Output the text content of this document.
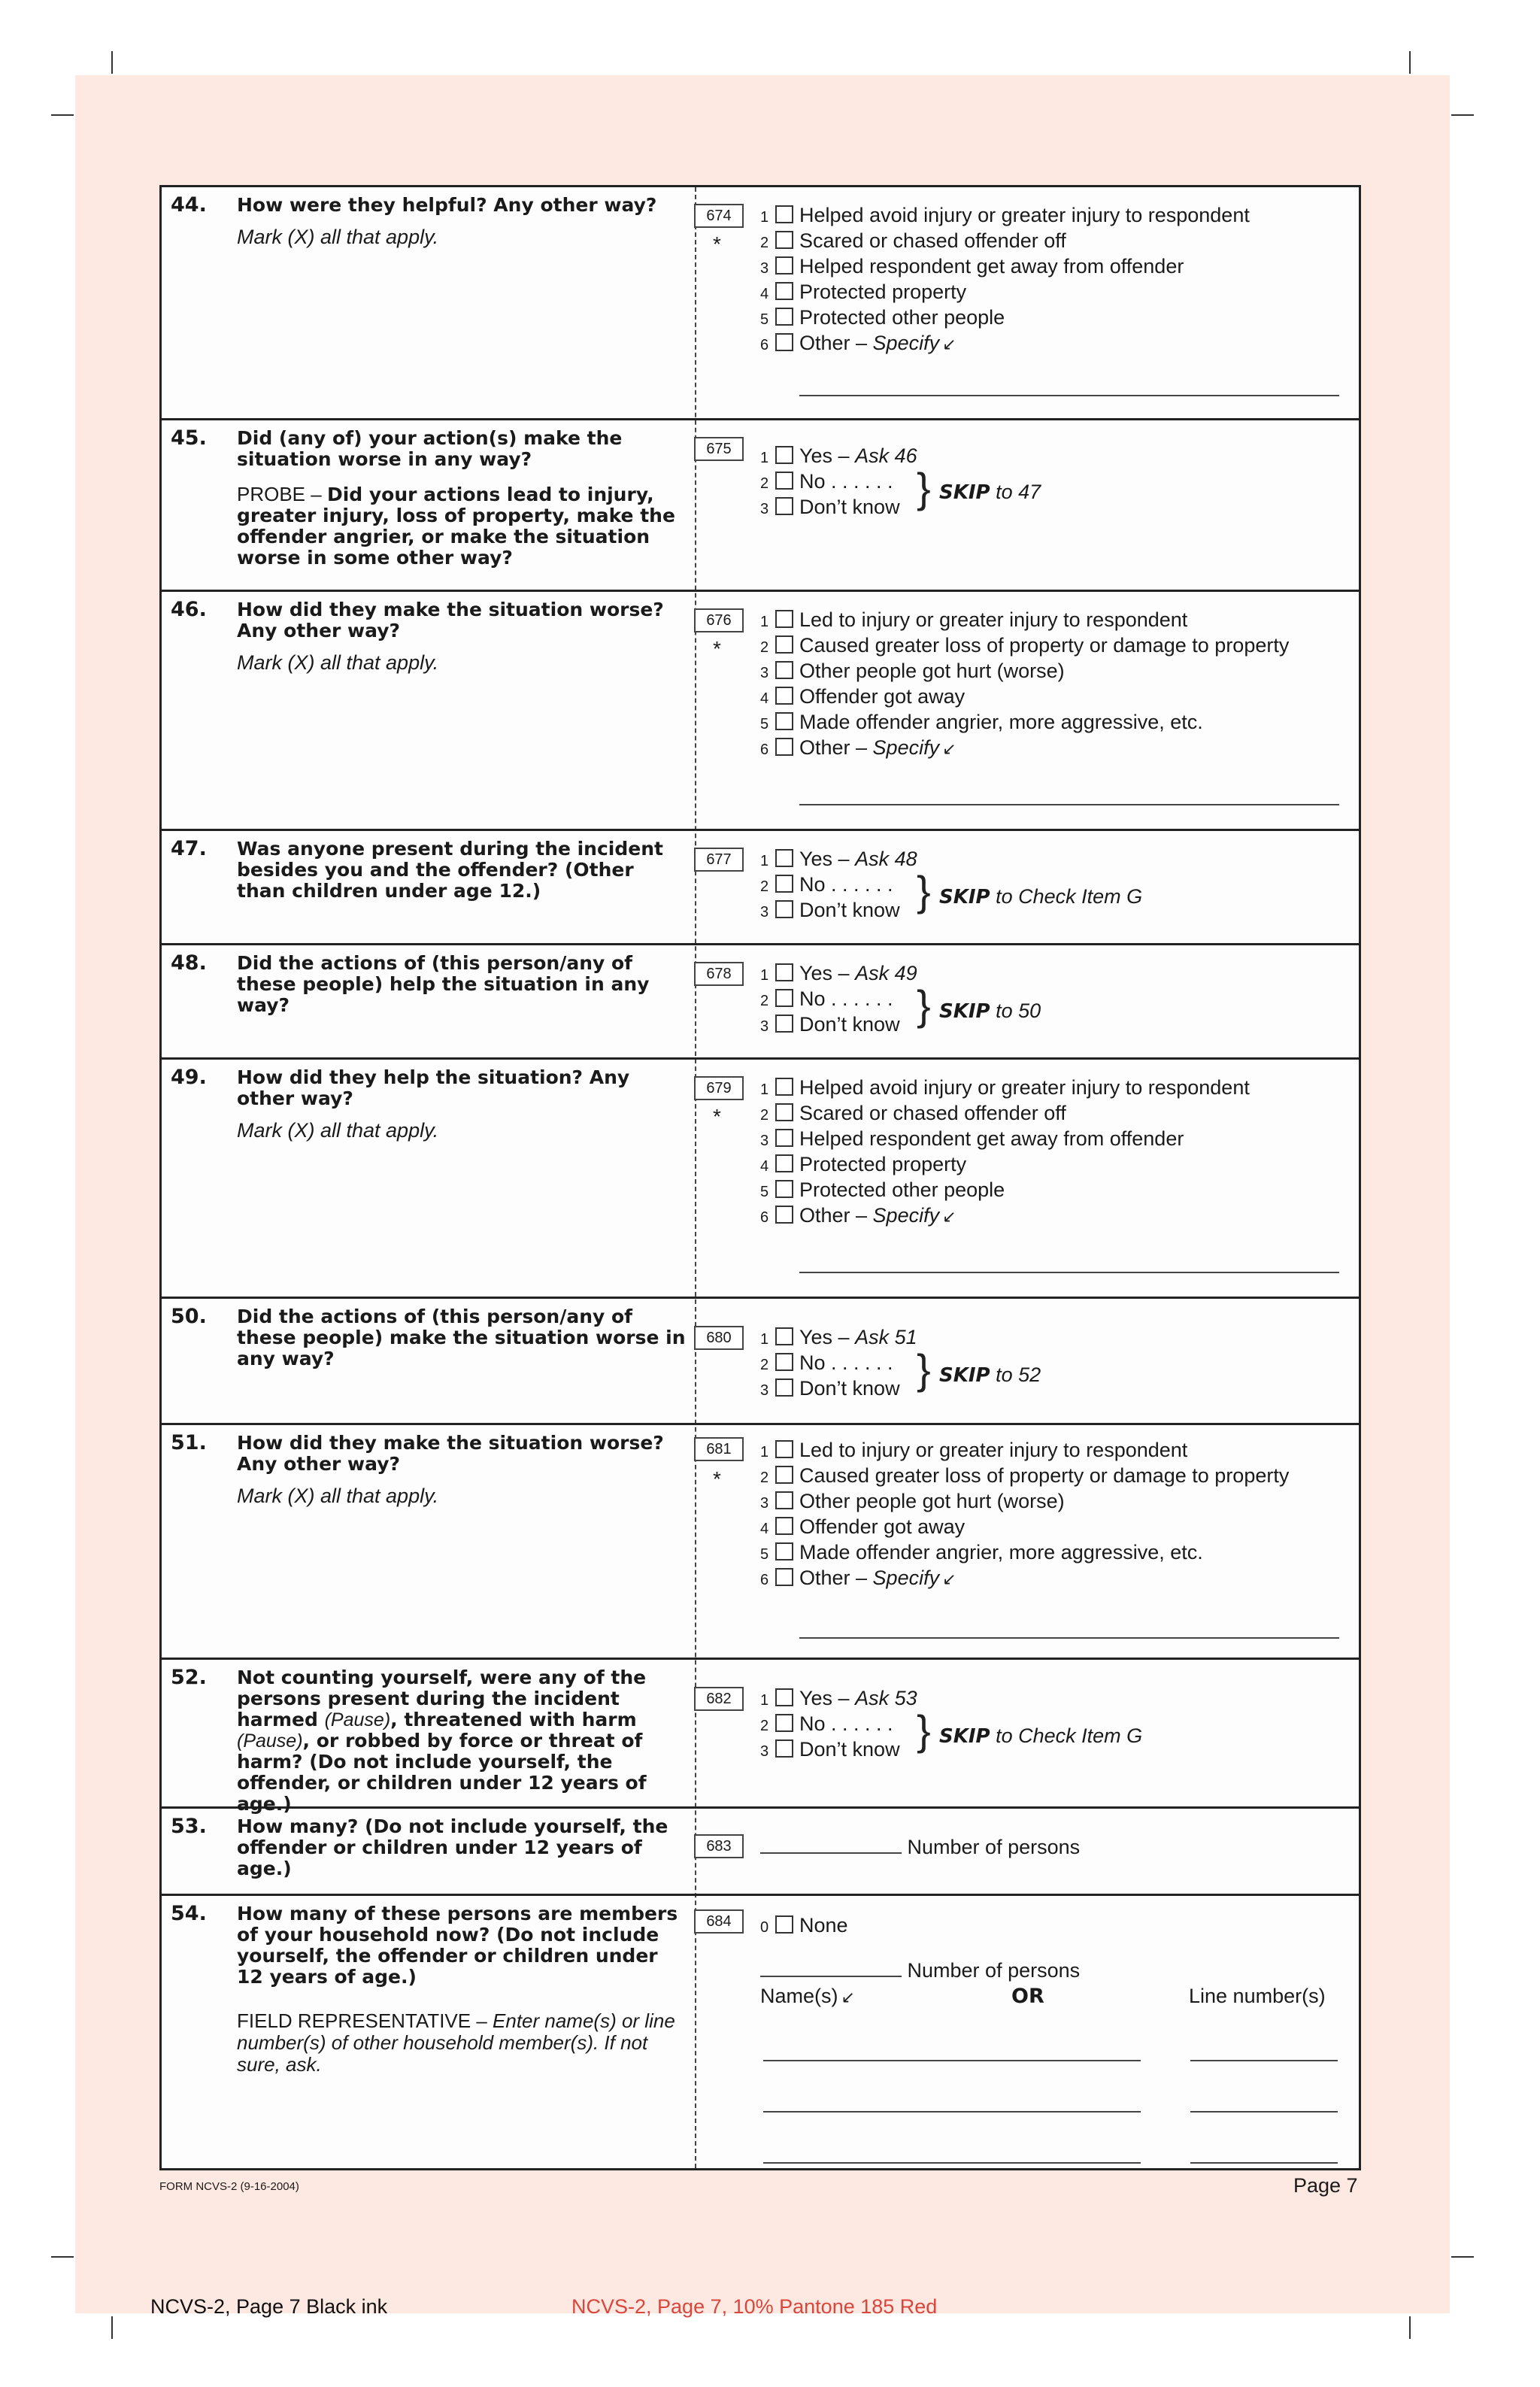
44. How were they helpful? Any other way?
Mark (X) all that apply.
674
*
1 Helped avoid injury or greater injury to respondent
2 Scared or chased offender off
3 Helped respondent get away from offender
4 Protected property
5 Protected other people
6 Other – Specify ↙
45. Did (any of) your action(s) make the situation worse in any way?
PROBE – Did your actions lead to injury, greater injury, loss of property, make the offender angrier, or make the situation worse in some other way?
675
1 Yes – Ask 46
2 No . . . . . .
3 Don’t know } SKIP to 47
46. How did they make the situation worse? Any other way?
Mark (X) all that apply.
676
*
1 Led to injury or greater injury to respondent
2 Caused greater loss of property or damage to property
3 Other people got hurt (worse)
4 Offender got away
5 Made offender angrier, more aggressive, etc.
6 Other – Specify ↙
47. Was anyone present during the incident besides you and the offender? (Other than children under age 12.)
677	1 Yes – Ask 48
2 No . . . . . .
3 Don’t know } SKIP to Check Item G
48. Did the actions of (this person/any of these people) help the situation in any way?
678	1 Yes – Ask 49
2 No . . . . . .
3 Don’t know } SKIP to 50
49. How did they help the situation? Any other way?
Mark (X) all that apply.
679
*
1 Helped avoid injury or greater injury to respondent
2 Scared or chased offender off
3 Helped respondent get away from offender
4 Protected property
5 Protected other people
6 Other – Specify ↙
50. Did the actions of (this person/any of these people) make the situation worse in any way?
680	1 Yes – Ask 51
2 No . . . . . .
3 Don’t know } SKIP to 52
51. How did they make the situation worse? Any other way?
Mark (X) all that apply.
681
*
1 Led to injury or greater injury to respondent
2 Caused greater loss of property or damage to property
3 Other people got hurt (worse)
4 Offender got away
5 Made offender angrier, more aggressive, etc.
6 Other – Specify ↙
52. Not counting yourself, were any of the persons present during the incident harmed (Pause), threatened with harm (Pause), or robbed by force or threat of harm? (Do not include yourself, the offender, or children under 12 years of age.)
682	1 Yes – Ask 53
2 No . . . . . .
3 Don’t know } SKIP to Check Item G
53. How many? (Do not include yourself, the offender or children under 12 years of age.)
683	Number of persons
54. How many of these persons are members of your household now? (Do not include yourself, the offender or children under 12 years of age.)
FIELD REPRESENTATIVE – Enter name(s) or line number(s) of other household member(s). If not sure, ask.
684	0 None
Number of persons
Name(s) ↙	OR	Line number(s)
FORM NCVS-2 (9-16-2004)	Page 7
NCVS-2, Page 7 Black ink	NCVS-2, Page 7, 10% Pantone 185 Red
